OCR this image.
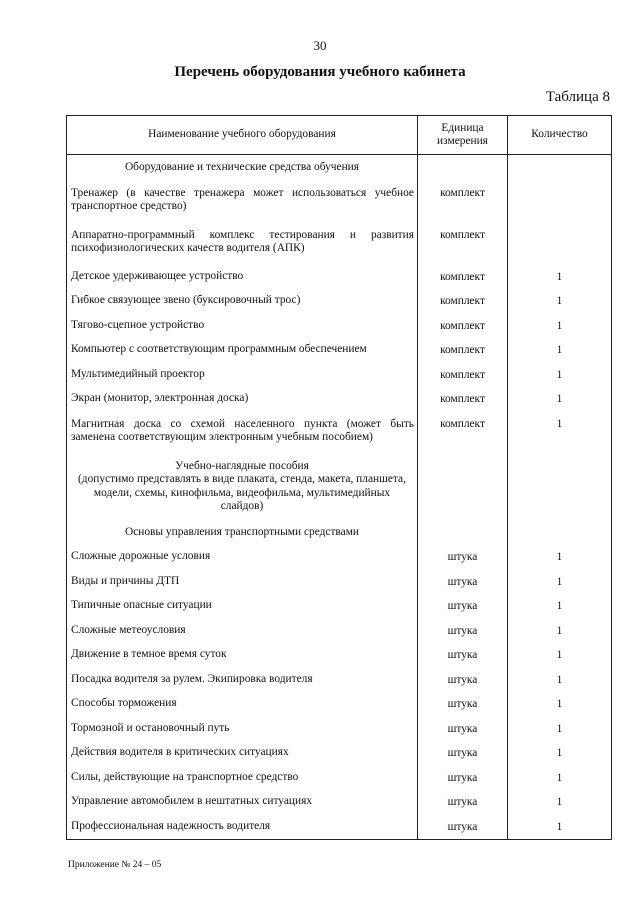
30
Перечень оборудования учебного кабинета
Таблица 8
Наименование учебного оборудования	Единица измерения	Количество

Оборудование и технические средства обучения		

Тренажер (в качестве тренажера может использоваться учебное транспортное средство)	комплект	
Аппаратно-программный комплекс тестирования и развития психофизиологических качеств водителя (АПК)	комплект	
Детское удерживающее устройство	комплект	1
Гибкое связующее звено (буксировочный трос)	комплект	1
Тягово-сцепное устройство	комплект	1
Компьютер с соответствующим программным обеспечением	комплект	1
Мультимедийный проектор	комплект	1
Экран (монитор, электронная доска)	комплект	1
Магнитная доска со схемой населенного пункта (может быть заменена соответствующим электронным учебным пособием)	комплект	1

Учебно-наглядные пособия
(допустимо представлять в виде плаката, стенда, макета, планшета, модели, схемы, кинофильма, видеофильма, мультимедийных слайдов)		

Основы управления транспортными средствами		

Сложные дорожные условия	штука	1
Виды и причины ДТП	штука	1
Типичные опасные ситуации	штука	1
Сложные метеоусловия	штука	1
Движение в темное время суток	штука	1
Посадка водителя за рулем. Экипировка водителя	штука	1
Способы торможения	штука	1
Тормозной и остановочный путь	штука	1
Действия водителя в критических ситуациях	штука	1
Силы, действующие на транспортное средство	штука	1
Управление автомобилем в нештатных ситуациях	штука	1
Профессиональная надежность водителя	штука	1
Приложение № 24 – 05
